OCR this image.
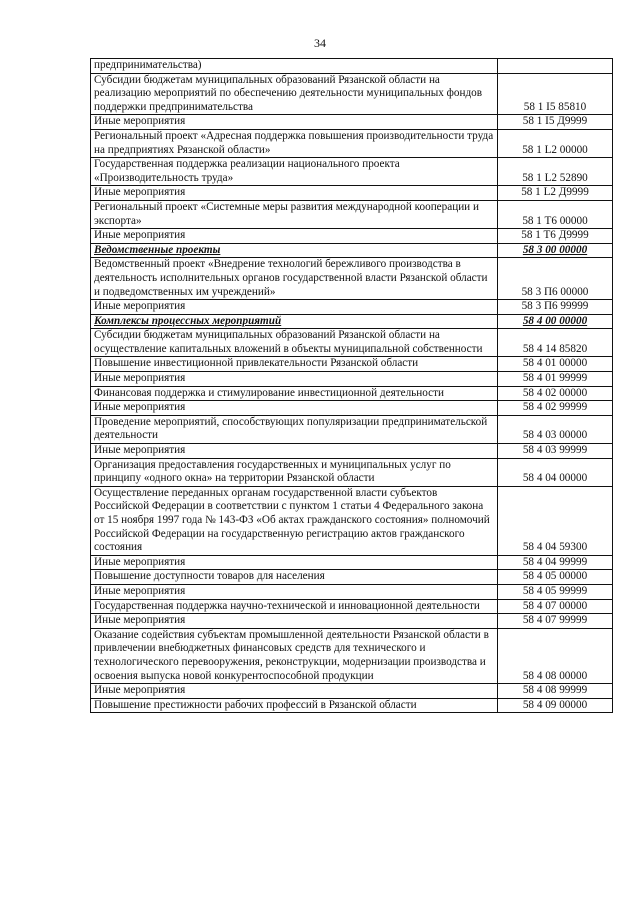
34
предпринимательства)	
Субсидии бюджетам муниципальных образований Рязанской области на реализацию мероприятий по обеспечению деятельности муниципальных фондов поддержки предпринимательства	58 1 I5 85810
Иные мероприятия	58 1 I5 Д9999
Региональный проект «Адресная поддержка повышения производительности труда на предприятиях Рязанской области»	58 1 L2 00000
Государственная поддержка реализации национального проекта «Производительность труда»	58 1 L2 52890
Иные мероприятия	58 1 L2 Д9999
Региональный проект «Системные меры развития международной кооперации и экспорта»	58 1 T6 00000
Иные мероприятия	58 1 T6 Д9999
Ведомственные проекты	58 3 00 00000
Ведомственный проект «Внедрение технологий бережливого производства в деятельность исполнительных органов государственной власти Рязанской области и подведомственных им учреждений»	58 3 П6 00000
Иные мероприятия	58 3 П6 99999
Комплексы процессных мероприятий	58 4 00 00000
Субсидии бюджетам муниципальных образований Рязанской области на осуществление капитальных вложений в объекты муниципальной собственности	58 4 14 85820
Повышение инвестиционной привлекательности Рязанской области	58 4 01 00000
Иные мероприятия	58 4 01 99999
Финансовая поддержка и стимулирование инвестиционной деятельности	58 4 02 00000
Иные мероприятия	58 4 02 99999
Проведение мероприятий, способствующих популяризации предпринимательской деятельности	58 4 03 00000
Иные мероприятия	58 4 03 99999
Организация предоставления государственных и муниципальных услуг по принципу «одного окна» на территории Рязанской области	58 4 04 00000
Осуществление переданных органам государственной власти субъектов Российской Федерации в соответствии с пунктом 1 статьи 4 Федерального закона от 15 ноября 1997 года № 143-ФЗ «Об актах гражданского состояния» полномочий Российской Федерации на государственную регистрацию актов гражданского состояния	58 4 04 59300
Иные мероприятия	58 4 04 99999
Повышение доступности товаров для населения	58 4 05 00000
Иные мероприятия	58 4 05 99999
Государственная поддержка научно-технической и инновационной деятельности	58 4 07 00000
Иные мероприятия	58 4 07 99999
Оказание содействия субъектам промышленной деятельности Рязанской области в привлечении внебюджетных финансовых средств для технического и технологического перевооружения, реконструкции, модернизации производства и освоения выпуска новой конкурентоспособной продукции	58 4 08 00000
Иные мероприятия	58 4 08 99999
Повышение престижности рабочих профессий в Рязанской области	58 4 09 00000
